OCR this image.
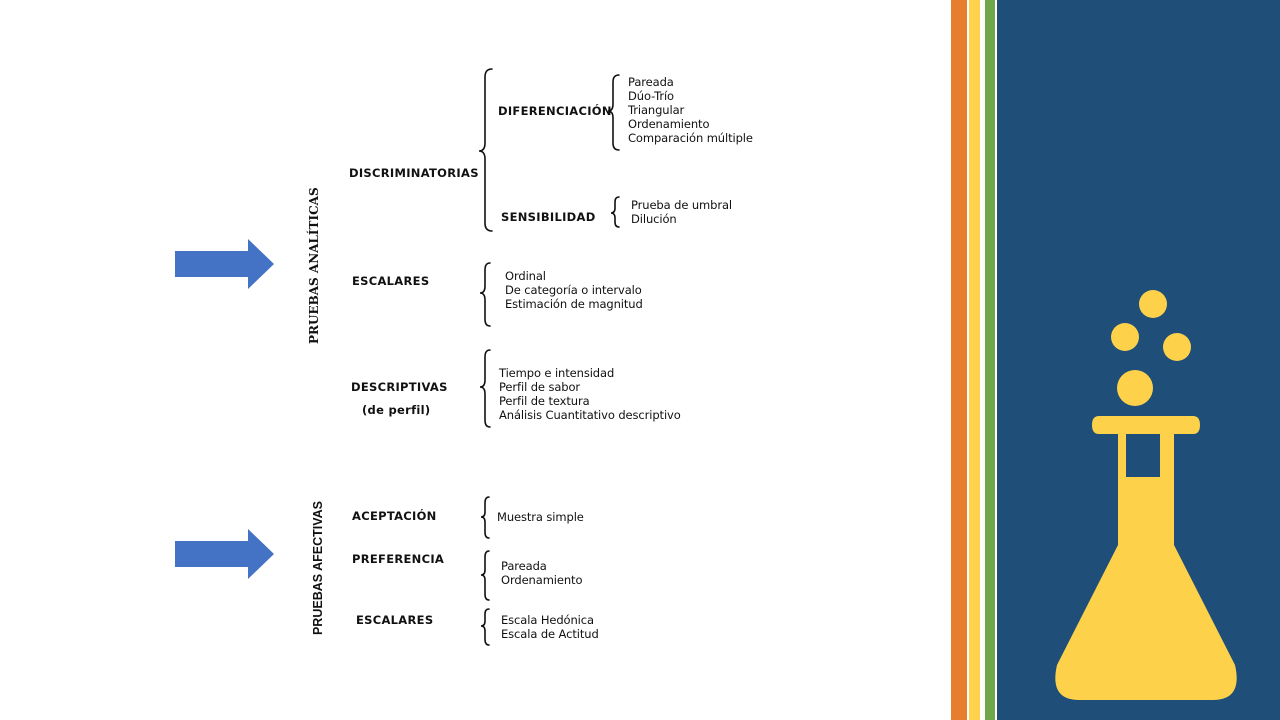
PRUEBAS ANALÍTICAS
PRUEBAS AFECTIVAS
DISCRIMINATORIAS
DIFERENCIACIÓN
SENSIBILIDAD
ESCALARES
DESCRIPTIVAS
(de perfil)
ACEPTACIÓN
PREFERENCIA
ESCALARES
Pareada
Dúo-Trío
Triangular
Ordenamiento
Comparación múltiple
Prueba de umbral
Dilución
Ordinal
De categoría o intervalo
Estimación de magnitud
Tiempo e intensidad
Perfil de sabor
Perfil de textura
Análisis Cuantitativo descriptivo
Muestra simple
Pareada
Ordenamiento
Escala Hedónica
Escala de Actitud
